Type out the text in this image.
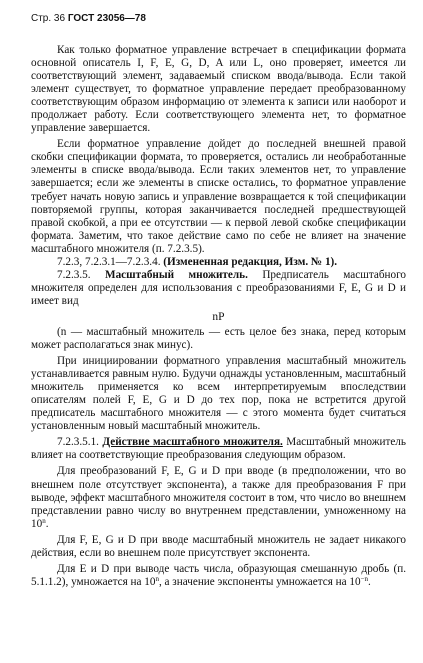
Стр. 36 ГОСТ 23056—78

Как только форматное управление встречает в спецификации формата основной описатель I, F, E, G, D, A или L, оно проверяет, имеется ли соответствующий элемент, задаваемый списком ввода/вывода. Если такой элемент существует, то форматное управление передает преобразованному соответствующим образом информацию от элемента к записи или наоборот и продолжает работу. Если соответствующего элемента нет, то форматное управление завершается.

Если форматное управление дойдет до последней внешней правой скобки спецификации формата, то проверяется, остались ли необработанные элементы в списке ввода/вывода. Если таких элементов нет, то управление завершается; если же элементы в списке остались, то форматное управление требует начать новую запись и управление возвращается к той спецификации повторяемой группы, которая заканчивается последней предшествующей правой скобкой, а при ее отсутствии — к первой левой скобке спецификации формата. Заметим, что такое действие само по себе не влияет на значение масштабного множителя (п. 7.2.3.5).

7.2.3, 7.2.3.1—7.2.3.4. (Измененная редакция, Изм. № 1).

7.2.3.5. Масштабный множитель. Предписатель масштабного множителя определен для использования с преобразованиями F, E, G и D и имеет вид

nP

(n — масштабный множитель — есть целое без знака, перед которым может располагаться знак минус).

При инициировании форматного управления масштабный множитель устанавливается равным нулю. Будучи однажды установленным, масштабный множитель применяется ко всем интерпретируемым впоследствии описателям полей F, E, G и D до тех пор, пока не встретится другой предписатель масштабного множителя — с этого момента будет считаться установленным новый масштабный множитель.

7.2.3.5.1. Действие масштабного множителя. Масштабный множитель влияет на соответствующие преобразования следующим образом.

Для преобразований F, E, G и D при вводе (в предположении, что во внешнем поле отсутствует экспонента), а также для преобразования F при выводе, эффект масштабного множителя состоит в том, что число во внешнем представлении равно числу во внутреннем представлении, умноженному на 10$^n$.

Для F, E, G и D при вводе масштабный множитель не задает никакого действия, если во внешнем поле присутствует экспонента.

Для E и D при выводе часть числа, образующая смешанную дробь (п. 5.1.1.2), умножается на 10$^n$, а значение экспоненты умножается на $10^{-n}$.
